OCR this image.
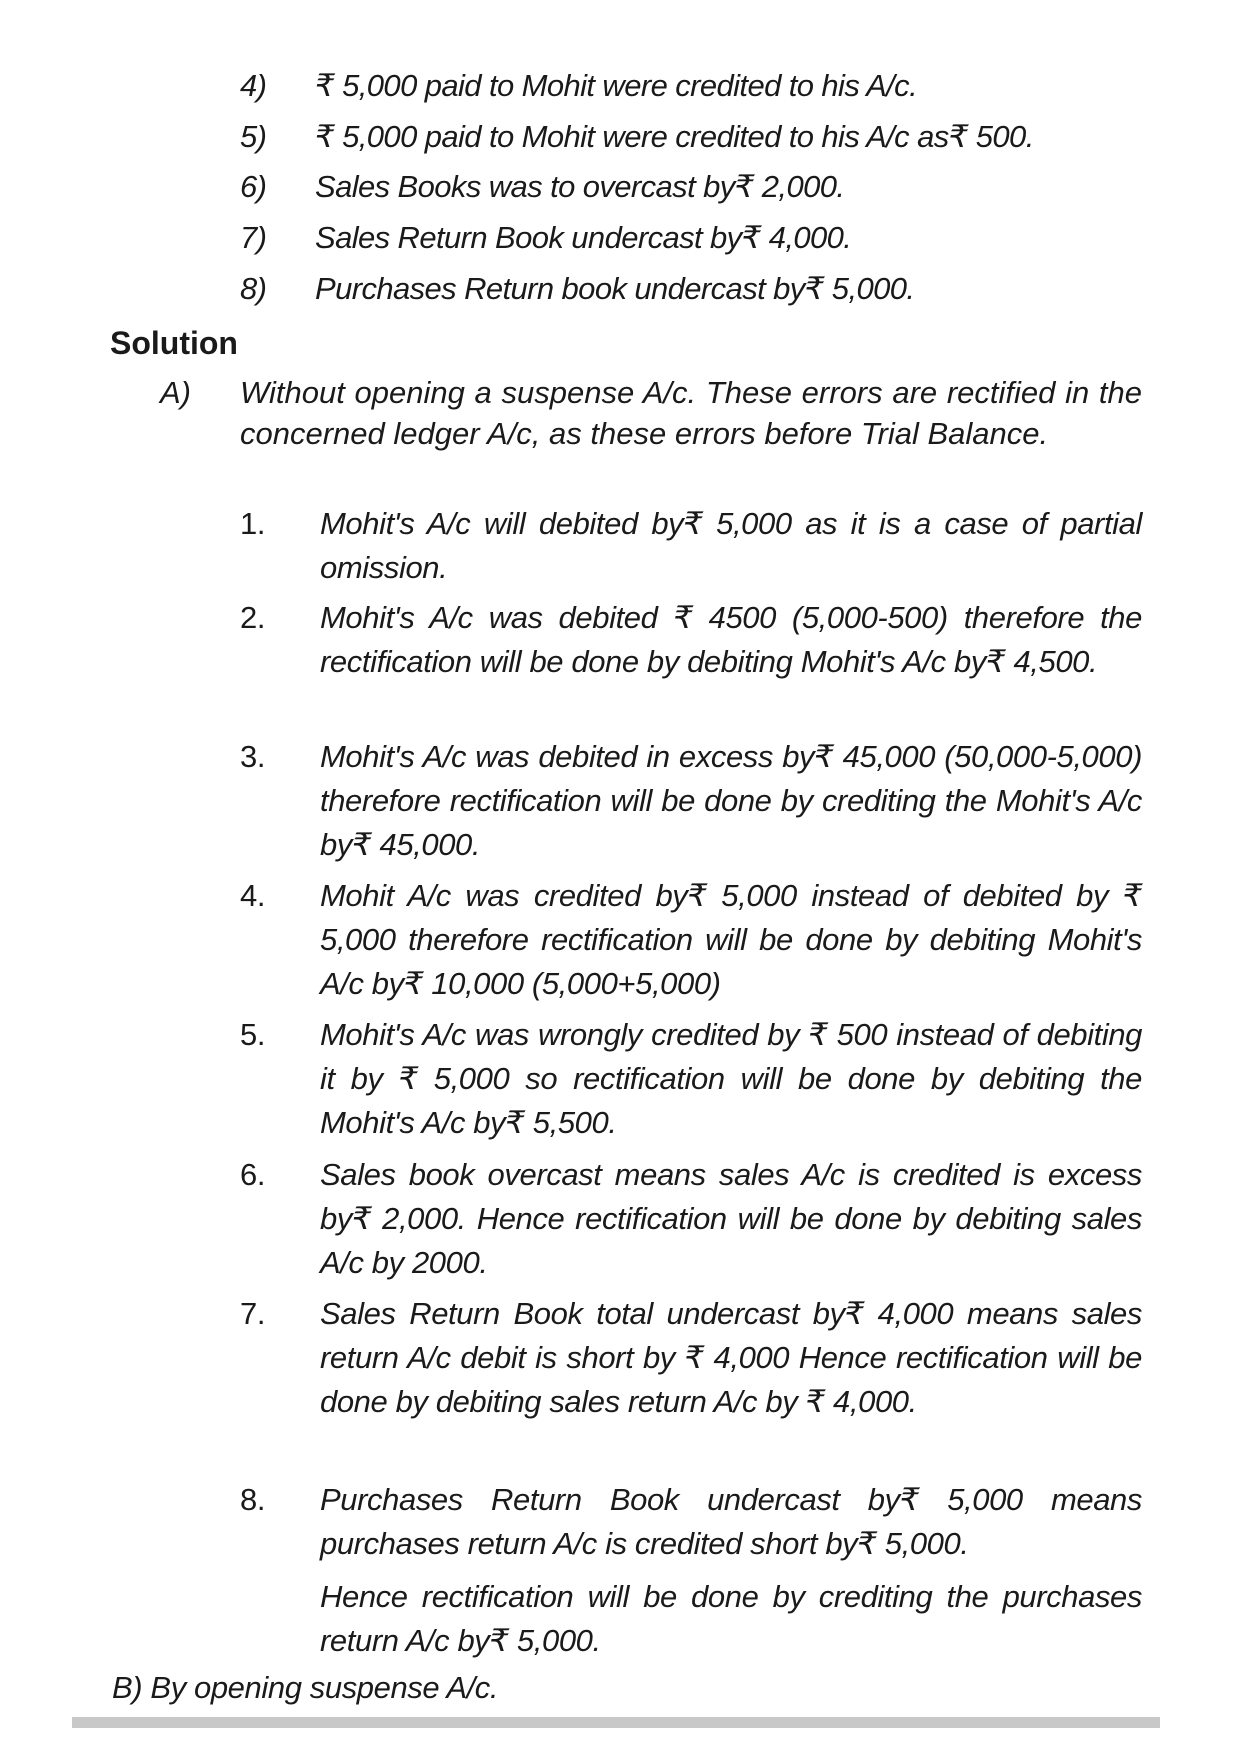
4) ₹ 5,000 paid to Mohit were credited to his A/c.
5) ₹ 5,000 paid to Mohit were credited to his A/c as₹ 500.
6) Sales Books was to overcast by₹ 2,000.
7) Sales Return Book undercast by₹ 4,000.
8) Purchases Return book undercast by₹ 5,000.
Solution
A) Without opening a suspense A/c. These errors are rectified in the concerned ledger A/c, as these errors before Trial Balance.
1. Mohit's A/c will debited by₹ 5,000 as it is a case of partial omission.
2. Mohit's A/c was debited ₹ 4500 (5,000-500) therefore the rectification will be done by debiting Mohit's A/c by₹ 4,500.
3. Mohit's A/c was debited in excess by₹ 45,000 (50,000-5,000) therefore rectification will be done by crediting the Mohit's A/c by₹ 45,000.
4. Mohit A/c was credited by₹ 5,000 instead of debited by ₹ 5,000 therefore rectification will be done by debiting Mohit's A/c by₹ 10,000 (5,000+5,000)
5. Mohit's A/c was wrongly credited by ₹ 500 instead of debiting it by ₹ 5,000 so rectification will be done by debiting the Mohit's A/c by₹ 5,500.
6. Sales book overcast means sales A/c is credited is excess by₹ 2,000. Hence rectification will be done by debiting sales A/c by 2000.
7. Sales Return Book total undercast by₹ 4,000 means sales return A/c debit is short by ₹ 4,000 Hence rectification will be done by debiting sales return A/c by ₹ 4,000.
8. Purchases Return Book undercast by₹ 5,000 means purchases return A/c is credited short by₹ 5,000.
Hence rectification will be done by crediting the purchases return A/c by₹ 5,000.
B) By opening suspense A/c.
